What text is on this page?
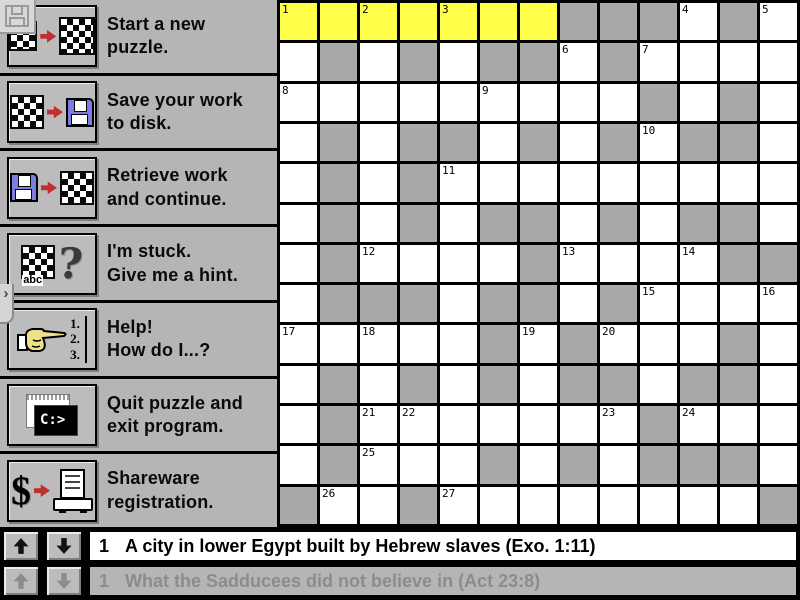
›
Start a new
puzzle.
Save your work
to disk.
Retrieve work
and continue.
abc ? I'm stuck.
Give me a hint.
1.
2.
3.
Help!
How do I...?
C:>
Quit puzzle and
exit program.
$	Shareware
registration.
1	2	3	4	5
6	7
8	9
10
11
12	13	14
15	16
17	18	19	20
21 22	23	24
25
26	27
1 A city in lower Egypt built by Hebrew slaves (Exo. 1:11)
1 What the Sadducees did not believe in (Act 23:8)
